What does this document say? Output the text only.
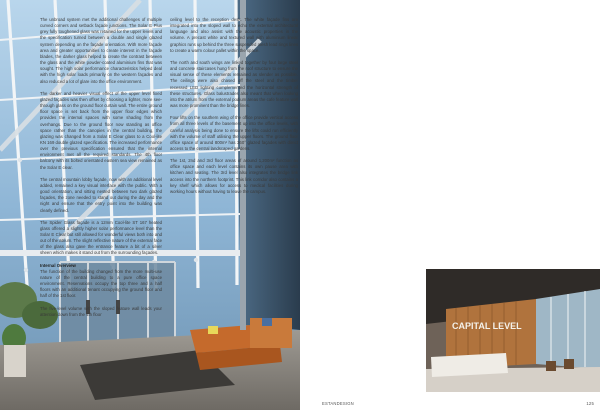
The unbroad system met the additional challenges of multiple curved corners and setback façade junctions. The Solar E Plus grey fully toughened glass was retained for the upper levels and the specification turned between a double and single glazed system depending on the façade orientation. With more façade area and greater opportunities to create interest in the façade blades, the darker glass helped to create the contrast between the glass and the white powder-coated aluminium fins that was sought. The high solar performance characteristics helped deal with the high solar loads primarily on the western façades and also reduced a lot of glare into the office environment.

The darker and heavier visual effect of the upper level fixed glazed façades was then offset by choosing a lighter, more see-through glass on the ground floor curtain wall. The entire ground floor space is set back from the upper floor edges which provides the internal spaces with some shading from the overhangs. Due to the ground floor now standing as office space rather than the canopies in the central building, the glazing was changed from a Solar E Clear glass to a Cool-lite KN 169 double glazed specification. The increased performance over the previous specification ensured that the internal environment met all the required standards. The 4th floor balcony with its bolted orientated eastern sea view remained as the Solar E clear.

The central mountain lobby façade, now with an additional level added, remained a key visual interface with the public. With a good orientation, and sitting nested between two dark glazed façades, the zone needed to stand out during the day and the night and ensure that the entry point into the building was clearly defined.

The Spider Glass façade is a 12mm Cool-lite ST 167 heated glass offered a slightly higher solar performance level than the Solar E Clear but still allowed for wonderful views both into and out of the atrium. The slight reflective nature of the external face of the glass also gave the entrance feature a bit of a silver sheen which makes it stand out from the surrounding façades.

Internal Overview

The function of the building changed from the more multi-use nature of the central building to a pure office space environment. Reservations occupy the top three and a half floors with an additional tenant occupying the ground floor and half of the 1st floor.

The five-level volume with the sloped feature wall leads your attention down from the 4th floor

ceiling level to the reception desk. The white façade fins are integrated into the sloped wall to echo the external architectural language and also assist with the acoustic properties in the volume. A precast white and textured wall with aluminium linear graphics runs up behind the three suspended mesh lead rings lines to create a warm colour pallet within the space.

The north and south wings are linked together by four large steel and concrete staircases hung from the roof structure to ensure the visual sense of these elements remained as slender as possible. The ceilings were also chased off the steel and the timber recessed LED lighting complemented the horizontal strength of these structures. Glass balustrades also meant that when looking into the atrium from the external podium areas the cafe feature wall was more prominent than the bridge lines.

Four lifts on the southern wing of the office provide vertical access from all three levels of the basement up into the office levels, with careful analysis being done to ensure the lifts could run efficiently with the volume of staff utilising the upper floors. The ground floor office space of around 800m² has 360° glazed façades with direct access to the central landscaped gardens.

The 1st, 2nd and 3rd floor areas of around 1,200m² function as office space and each level contains its own pause area with kitchen and seating. The 3rd level also integrates the bridge link access into the northern footprint. This link corridor also contains a key shelf which allows for access to medical facilities during working hours without having to leave the campus.

CAPITAL LEVEL
ESTANDESIGN	125
